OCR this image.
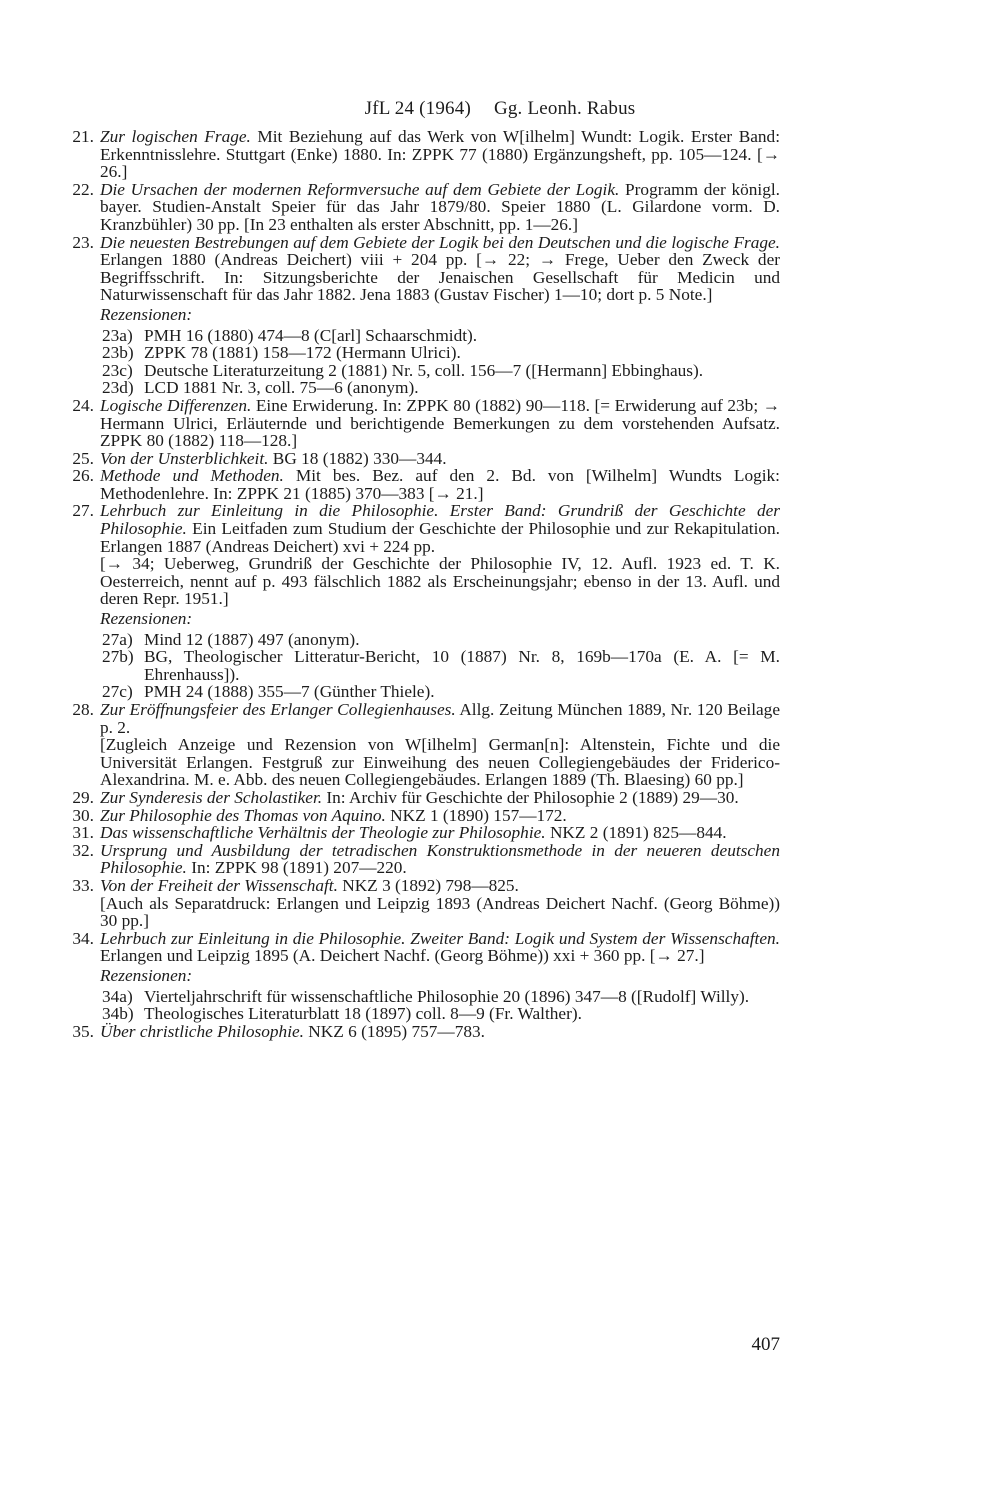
JfL 24 (1964) Gg. Leonh. Rabus
21. Zur logischen Frage. Mit Beziehung auf das Werk von W[ilhelm] Wundt: Logik. Erster Band: Erkenntnisslehre. Stuttgart (Enke) 1880. In: ZPPK 77 (1880) Ergänzungsheft, pp. 105—124. [→ 26.]
22. Die Ursachen der modernen Reformversuche auf dem Gebiete der Logik. Programm der königl. bayer. Studien-Anstalt Speier für das Jahr 1879/80. Speier 1880 (L. Gilardone vorm. D. Kranzbühler) 30 pp. [In 23 enthalten als erster Abschnitt, pp. 1—26.]
23. Die neuesten Bestrebungen auf dem Gebiete der Logik bei den Deutschen und die logische Frage. Erlangen 1880 (Andreas Deichert) viii + 204 pp. [→ 22; → Frege, Ueber den Zweck der Begriffsschrift. In: Sitzungsberichte der Jenaischen Gesellschaft für Medicin und Naturwissenschaft für das Jahr 1882. Jena 1883 (Gustav Fischer) 1—10; dort p. 5 Note.]
Rezensionen:
23a) PMH 16 (1880) 474—8 (C[arl] Schaarschmidt).
23b) ZPPK 78 (1881) 158—172 (Hermann Ulrici).
23c) Deutsche Literaturzeitung 2 (1881) Nr. 5, coll. 156—7 ([Hermann] Ebbinghaus).
23d) LCD 1881 Nr. 3, coll. 75—6 (anonym).
24. Logische Differenzen. Eine Erwiderung. In: ZPPK 80 (1882) 90—118. [= Erwiderung auf 23b; → Hermann Ulrici, Erläuternde und berichtigende Bemerkungen zu dem vorstehenden Aufsatz. ZPPK 80 (1882) 118—128.]
25. Von der Unsterblichkeit. BG 18 (1882) 330—344.
26. Methode und Methoden. Mit bes. Bez. auf den 2. Bd. von [Wilhelm] Wundts Logik: Methodenlehre. In: ZPPK 21 (1885) 370—383 [→ 21.]
27. Lehrbuch zur Einleitung in die Philosophie. Erster Band: Grundriß der Geschichte der Philosophie. Ein Leitfaden zum Studium der Geschichte der Philosophie und zur Rekapitulation. Erlangen 1887 (Andreas Deichert) xvi + 224 pp.
[→ 34; Ueberweg, Grundriß der Geschichte der Philosophie IV, 12. Aufl. 1923 ed. T. K. Oesterreich, nennt auf p. 493 fälschlich 1882 als Erscheinungsjahr; ebenso in der 13. Aufl. und deren Repr. 1951.]
Rezensionen:
27a) Mind 12 (1887) 497 (anonym).
27b) BG, Theologischer Litteratur-Bericht, 10 (1887) Nr. 8, 169b—170a (E. A. [= M. Ehrenhauss]).
27c) PMH 24 (1888) 355—7 (Günther Thiele).
28. Zur Eröffnungsfeier des Erlanger Collegienhauses. Allg. Zeitung München 1889, Nr. 120 Beilage p. 2.
[Zugleich Anzeige und Rezension von W[ilhelm] German[n]: Altenstein, Fichte und die Universität Erlangen. Festgruß zur Einweihung des neuen Collegiengebäudes der Friderico-Alexandrina. M. e. Abb. des neuen Collegiengebäudes. Erlangen 1889 (Th. Blaesing) 60 pp.]
29. Zur Synderesis der Scholastiker. In: Archiv für Geschichte der Philosophie 2 (1889) 29—30.
30. Zur Philosophie des Thomas von Aquino. NKZ 1 (1890) 157—172.
31. Das wissenschaftliche Verhältnis der Theologie zur Philosophie. NKZ 2 (1891) 825—844.
32. Ursprung und Ausbildung der tetradischen Konstruktionsmethode in der neueren deutschen Philosophie. In: ZPPK 98 (1891) 207—220.
33. Von der Freiheit der Wissenschaft. NKZ 3 (1892) 798—825.
[Auch als Separatdruck: Erlangen und Leipzig 1893 (Andreas Deichert Nachf. (Georg Böhme)) 30 pp.]
34. Lehrbuch zur Einleitung in die Philosophie. Zweiter Band: Logik und System der Wissenschaften. Erlangen und Leipzig 1895 (A. Deichert Nachf. (Georg Böhme)) xxi + 360 pp. [→ 27.]
Rezensionen:
34a) Vierteljahrschrift für wissenschaftliche Philosophie 20 (1896) 347—8 ([Rudolf] Willy).
34b) Theologisches Literaturblatt 18 (1897) coll. 8—9 (Fr. Walther).
35. Über christliche Philosophie. NKZ 6 (1895) 757—783.
407
